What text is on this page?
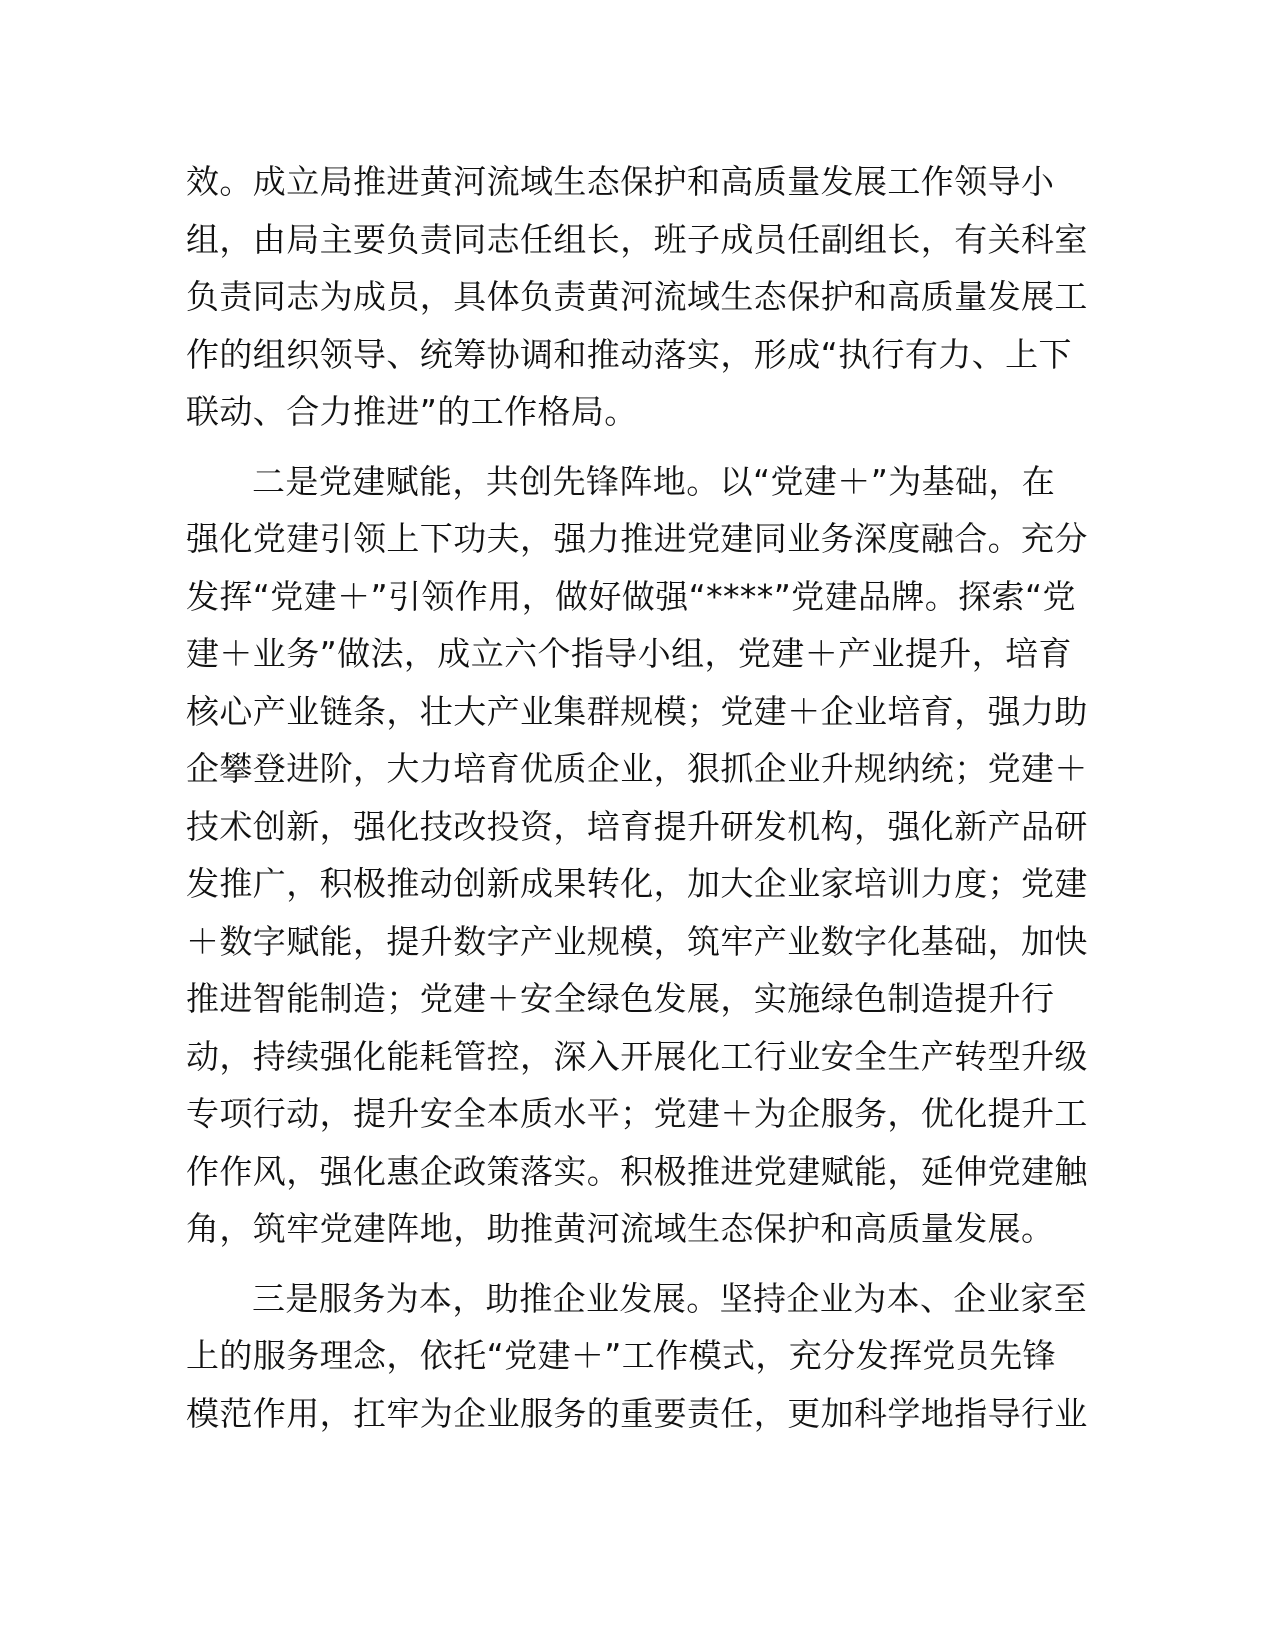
效。成立局推进黄河流域生态保护和高质量发展工作领导小
组，由局主要负责同志任组长，班子成员任副组长，有关科室
负责同志为成员，具体负责黄河流域生态保护和高质量发展工
作的组织领导、统筹协调和推动落实，形成“执行有力、上下
联动、合力推进”的工作格局。
二是党建赋能，共创先锋阵地。以“党建＋”为基础，在
强化党建引领上下功夫，强力推进党建同业务深度融合。充分
发挥“党建＋”引领作用，做好做强“****”党建品牌。探索“党
建＋业务”做法，成立六个指导小组，党建＋产业提升，培育
核心产业链条，壮大产业集群规模；党建＋企业培育，强力助
企攀登进阶，大力培育优质企业，狠抓企业升规纳统；党建＋
技术创新，强化技改投资，培育提升研发机构，强化新产品研
发推广，积极推动创新成果转化，加大企业家培训力度；党建
＋数字赋能，提升数字产业规模，筑牢产业数字化基础，加快
推进智能制造；党建＋安全绿色发展，实施绿色制造提升行
动，持续强化能耗管控，深入开展化工行业安全生产转型升级
专项行动，提升安全本质水平；党建＋为企服务，优化提升工
作作风，强化惠企政策落实。积极推进党建赋能，延伸党建触
角，筑牢党建阵地，助推黄河流域生态保护和高质量发展。
三是服务为本，助推企业发展。坚持企业为本、企业家至
上的服务理念，依托“党建＋”工作模式，充分发挥党员先锋
模范作用，扛牢为企业服务的重要责任，更加科学地指导行业
